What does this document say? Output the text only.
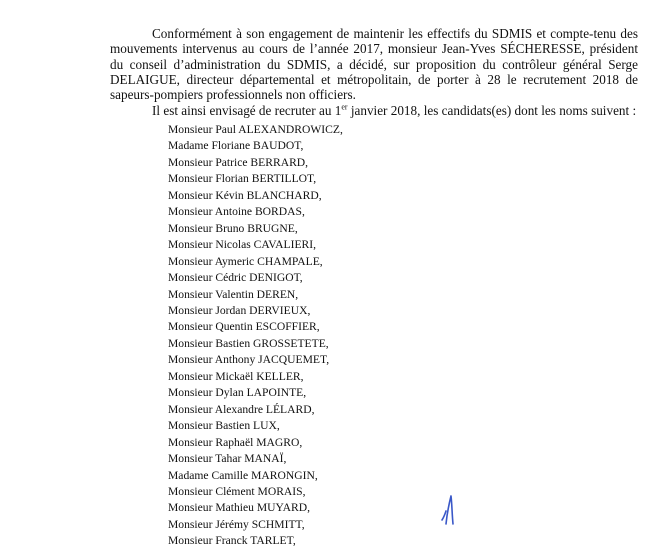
Conformément à son engagement de maintenir les effectifs du SDMIS et compte-tenu des mouvements intervenus au cours de l’année 2017, monsieur Jean-Yves SÉCHERESSE, président du conseil d’administration du SDMIS, a décidé, sur proposition du contrôleur général Serge DELAIGUE, directeur départemental et métropolitain, de porter à 28 le recrutement 2018 de sapeurs-pompiers professionnels non officiers.

Il est ainsi envisagé de recruter au 1er janvier 2018, les candidats(es) dont les noms suivent :

Monsieur Paul ALEXANDROWICZ,
Madame Floriane BAUDOT,
Monsieur Patrice BERRARD,
Monsieur Florian BERTILLOT,
Monsieur Kévin BLANCHARD,
Monsieur Antoine BORDAS,
Monsieur Bruno BRUGNE,
Monsieur Nicolas CAVALIERI,
Monsieur Aymeric CHAMPALE,
Monsieur Cédric DENIGOT,
Monsieur Valentin DEREN,
Monsieur Jordan DERVIEUX,
Monsieur Quentin ESCOFFIER,
Monsieur Bastien GROSSETETE,
Monsieur Anthony JACQUEMET,
Monsieur Mickaël KELLER,
Monsieur Dylan LAPOINTE,
Monsieur Alexandre LÉLARD,
Monsieur Bastien LUX,
Monsieur Raphaël MAGRO,
Monsieur Tahar MANAÏ,
Madame Camille MARONGIN,
Monsieur Clément MORAIS,
Monsieur Mathieu MUYARD,
Monsieur Jérémy SCHMITT,
Monsieur Franck TARLET,
